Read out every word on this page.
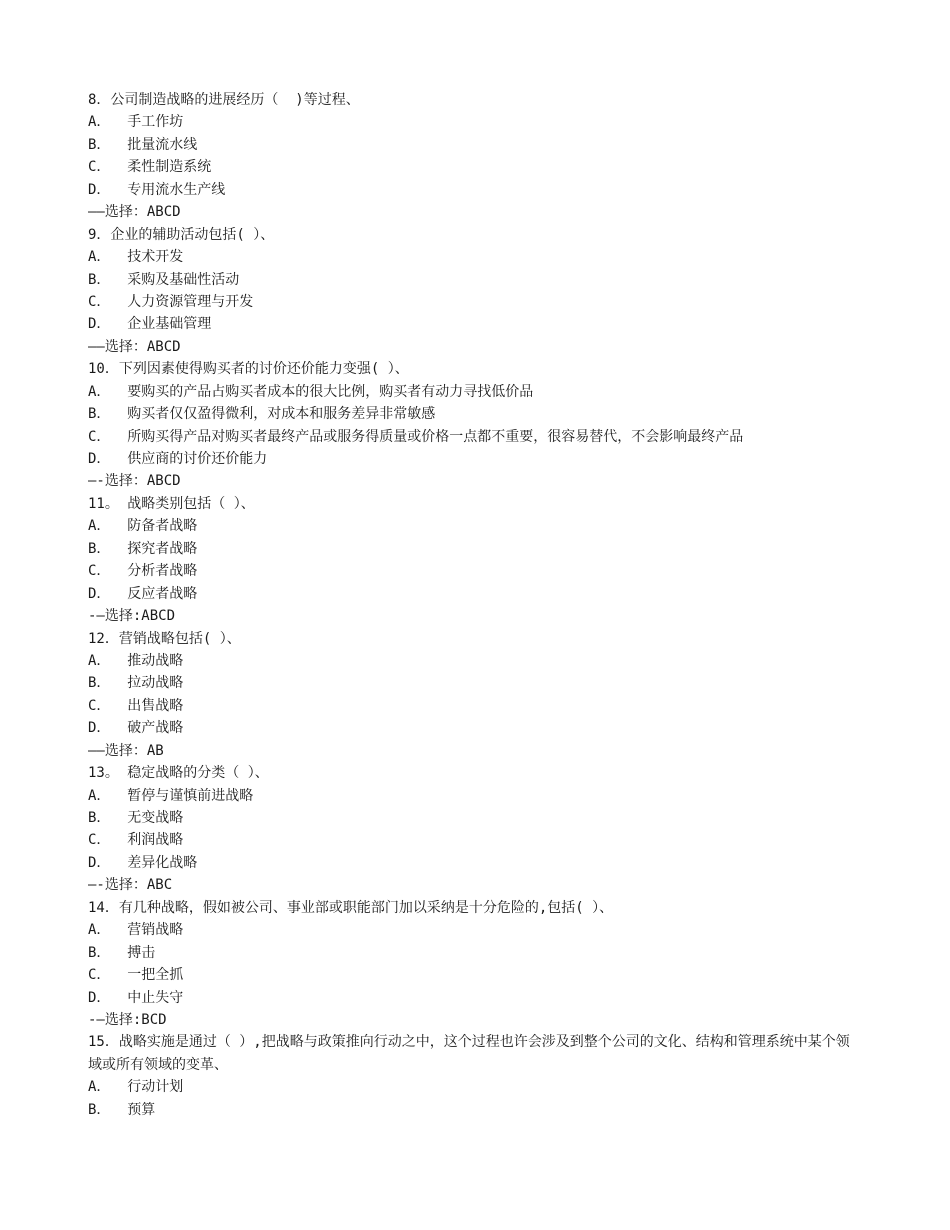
8．公司制造战略的进展经历（  )等过程、
A．  手工作坊
B．  批量流水线
C．  柔性制造系统
D．  专用流水生产线
——选择：ABCD
9．企业的辅助活动包括( ）、
A．  技术开发
B．  采购及基础性活动
C．  人力资源管理与开发
D．  企业基础管理
——选择：ABCD
10．下列因素使得购买者的讨价还价能力变强( ）、
A．  要购买的产品占购买者成本的很大比例，购买者有动力寻找低价品
B．  购买者仅仅盈得微利，对成本和服务差异非常敏感
C．  所购买得产品对购买者最终产品或服务得质量或价格一点都不重要，很容易替代，不会影响最终产品
D．  供应商的讨价还价能力
—-选择：ABCD
11。 战略类别包括（ ）、
A．  防备者战略
B．  探究者战略
C．  分析者战略
D．  反应者战略
-—选择:ABCD
12．营销战略包括( ）、
A．  推动战略
B．  拉动战略
C．  出售战略
D．  破产战略
——选择：AB
13。 稳定战略的分类（ ）、
A．  暂停与谨慎前进战略
B．  无变战略
C．  利润战略
D．  差异化战略
—-选择：ABC
14．有几种战略，假如被公司、事业部或职能部门加以采纳是十分危险的,包括( ）、
A．  营销战略
B．  搏击
C．  一把全抓
D．  中止失守
-—选择:BCD
15．战略实施是通过（ ）,把战略与政策推向行动之中，这个过程也许会涉及到整个公司的文化、结构和管理系统中某个领域或所有领域的变革、
A．  行动计划
B．  预算
